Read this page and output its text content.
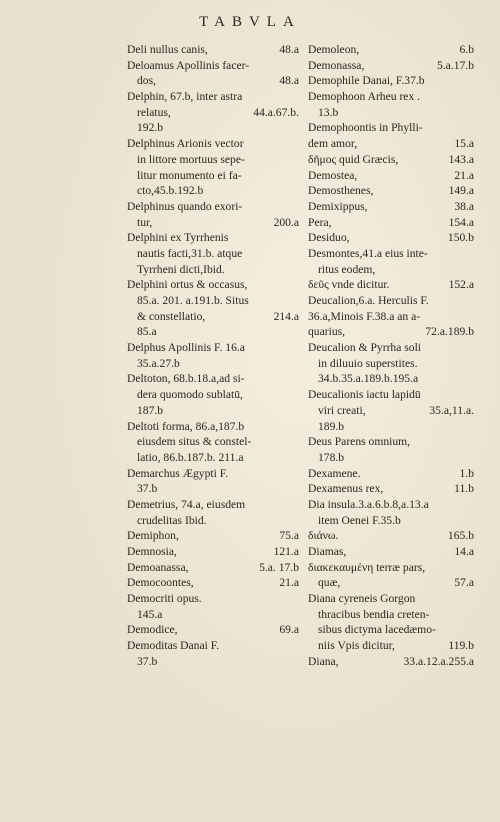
TABVLA
Deli nullus canis,	48.a
Deloamus Apollinis facer-
dos,	48.a
Delphin, 67.b, inter astra
relatus,	44.a.67.b.
192.b
Delphinus Arionis vector
in littore mortuus sepe-
litur monumento ei fa-
cto,45.b.192.b
Delphinus quando exori-
tur,	200.a
Delphini ex Tyrrhenis
nautis facti,31.b. atque
Tyrrheni dicti,Ibid.
Delphini ortus & occasus,
85.a. 201. a.191.b. Situs
& constellatio,	214.a
85.a
Delphus Apollinis F. 16.a
35.a.27.b
Deltoton, 68.b.18.a,ad si-
dera quomodo sublatū,
187.b
Deltoti forma, 86.a,187.b
eiusdem situs & constel-
latio, 86.b.187.b. 211.a
Demarchus Ægypti F.
37.b
Demetrius, 74.a, eiusdem
crudelitas Ibid.
Demiphon,	75.a
Demnosia,	121.a
Demoanassa,	5.a. 17.b
Democoontes,	21.a
Democriti opus.
145.a
Demodice,	69.a
Demoditas Danai F.
37.b
Demoleon,	6.b
Demonassa,	5.a.17.b
Demophile Danai, F.37.b
Demophoon Arheu rex .
13.b
Demophoontis in Phylli-
dem amor,	15.a
δῆμος quid Græcis,	143.a
Demostea,	21.a
Demosthenes,	149.a
Demixippus,	38.a
Pera,	154.a
Desiduo,	150.b
Desmontes,41.a eius inte-
ritus eodem,
δεῦς vnde dicitur.	152.a
Deucalion,6.a. Herculis F.
36.a,Minois F.38.a an a-
quarius,	72.a.189.b
Deucalion & Pyrrha soli
in diluuio superstites.
34.b.35.a.189.b.195.a
Deucalionis iactu lapidū
viri creati,	35.a,11.a.
189.b
Deus Parens omnium,
178.b
Dexamene.	1.b
Dexamenus rex,	11.b
Dia insula.3.a.6.b.8,a.13.a
item Oenei F.35.b
διάνω.	165.b
Diamas,	14.a
διακεκαυμένη terræ pars,
quæ,	57.a
Diana cyreneis Gorgon
thracibus bendia creten-
sibus dictyma lacedæmo-
niis Vpis dicitur,	119.b
Diana,	33.a.12.a.255.a
